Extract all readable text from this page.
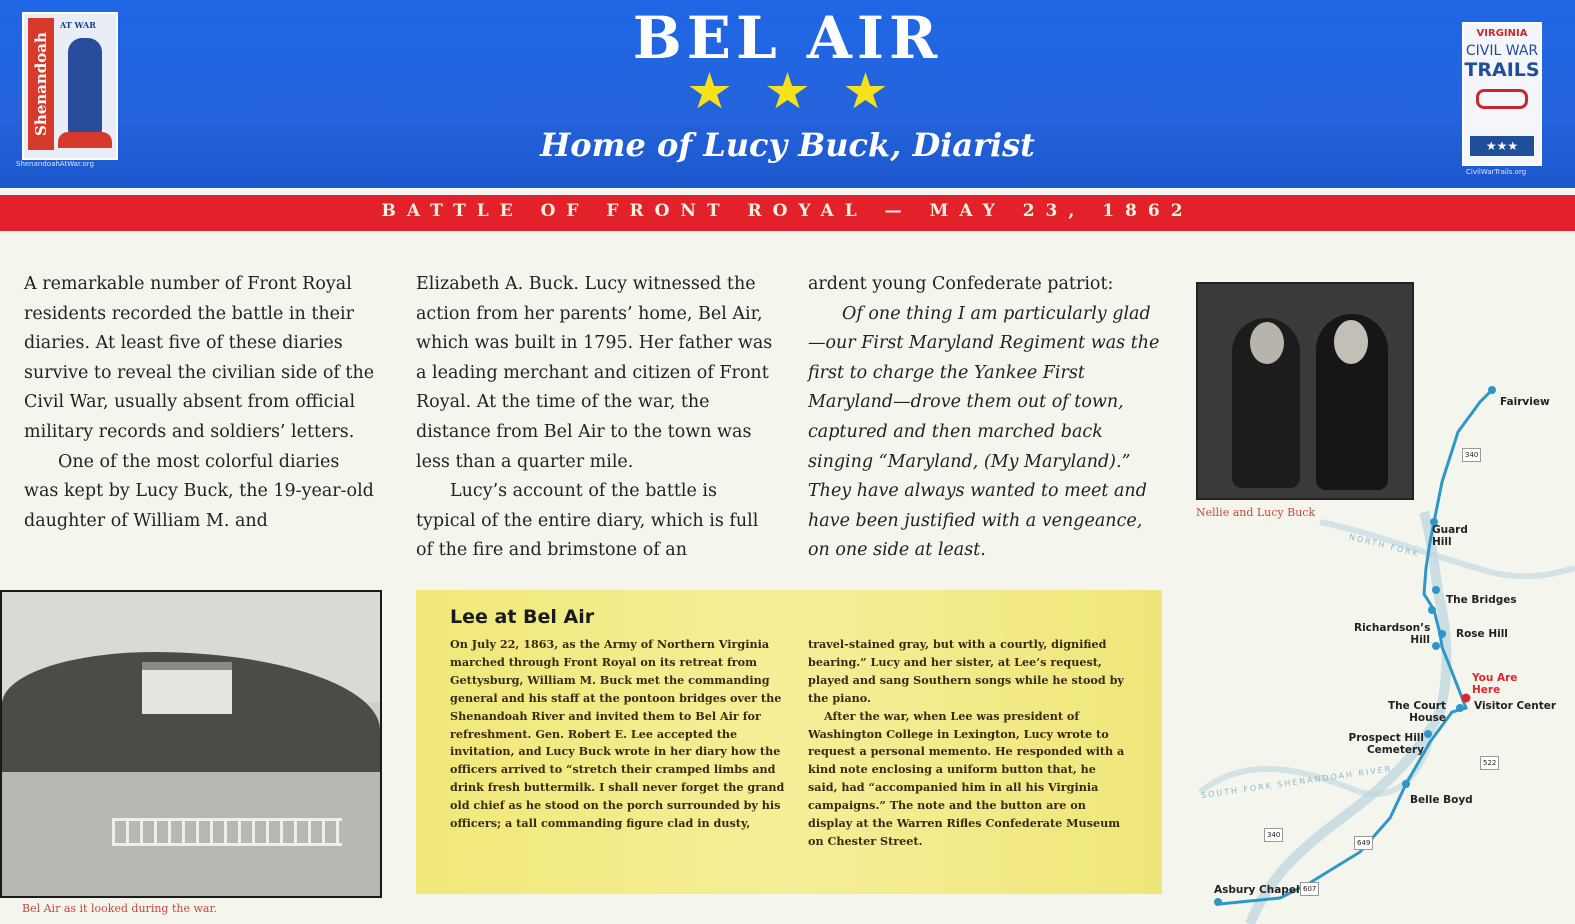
Shenandoah
AT WAR
ShenandoahAtWar.org
BEL AIR
Home of Lucy Buck, Diarist
VIRGINIA
CIVIL WAR
TRAILS
★★★
CivilWarTrails.org
BATTLE OF FRONT ROYAL — MAY 23, 1862

A remarkable number of Front Royal residents recorded the battle in their diaries. At least five of these diaries survive to reveal the civilian side of the Civil War, usually absent from official military records and soldiers’ letters.

One of the most colorful diaries was kept by Lucy Buck, the 19-year-old daughter of William M. and

Elizabeth A. Buck. Lucy witnessed the action from her parents’ home, Bel Air, which was built in 1795. Her father was a leading merchant and citizen of Front Royal. At the time of the war, the distance from Bel Air to the town was less than a quarter mile.

Lucy’s account of the battle is typical of the entire diary, which is full of the fire and brimstone of an

ardent young Confederate patriot:

Of one thing I am particularly glad—our First Maryland Regiment was the first to charge the Yankee First Maryland—drove them out of town, captured and then marched back singing “Maryland, (My Maryland).” They have always wanted to meet and have been justified with a vengeance, on one side at least.

Nellie and Lucy Buck
Bel Air as it looked during the war.
Lee at Bel Air

On July 22, 1863, as the Army of Northern Virginia marched through Front Royal on its retreat from Gettysburg, William M. Buck met the commanding general and his staff at the pontoon bridges over the Shenandoah River and invited them to Bel Air for refreshment. Gen. Robert E. Lee accepted the invitation, and Lucy Buck wrote in her diary how the officers arrived to “stretch their cramped limbs and drink fresh buttermilk. I shall never forget the grand old chief as he stood on the porch surrounded by his officers; a tall commanding figure clad in dusty,

travel-stained gray, but with a courtly, dignified bearing.” Lucy and her sister, at Lee’s request, played and sang Southern songs while he stood by the piano.

After the war, when Lee was president of Washington College in Lexington, Lucy wrote to request a personal memento. He responded with a kind note enclosing a uniform button that, he said, had “accompanied him in all his Virginia campaigns.” The note and the button are on display at the Warren Rifles Confederate Museum on Chester Street.

Fairview
Guard Hill
NORTH FORK
The Bridges
Richardson’s Hill Rose Hill
You Are Here
The Court House
Visitor Center
Prospect Hill Cemetery
SOUTH FORK SHENANDOAH RIVER	Belle Boyd
Asbury Chapel
340
522
340
649
607
